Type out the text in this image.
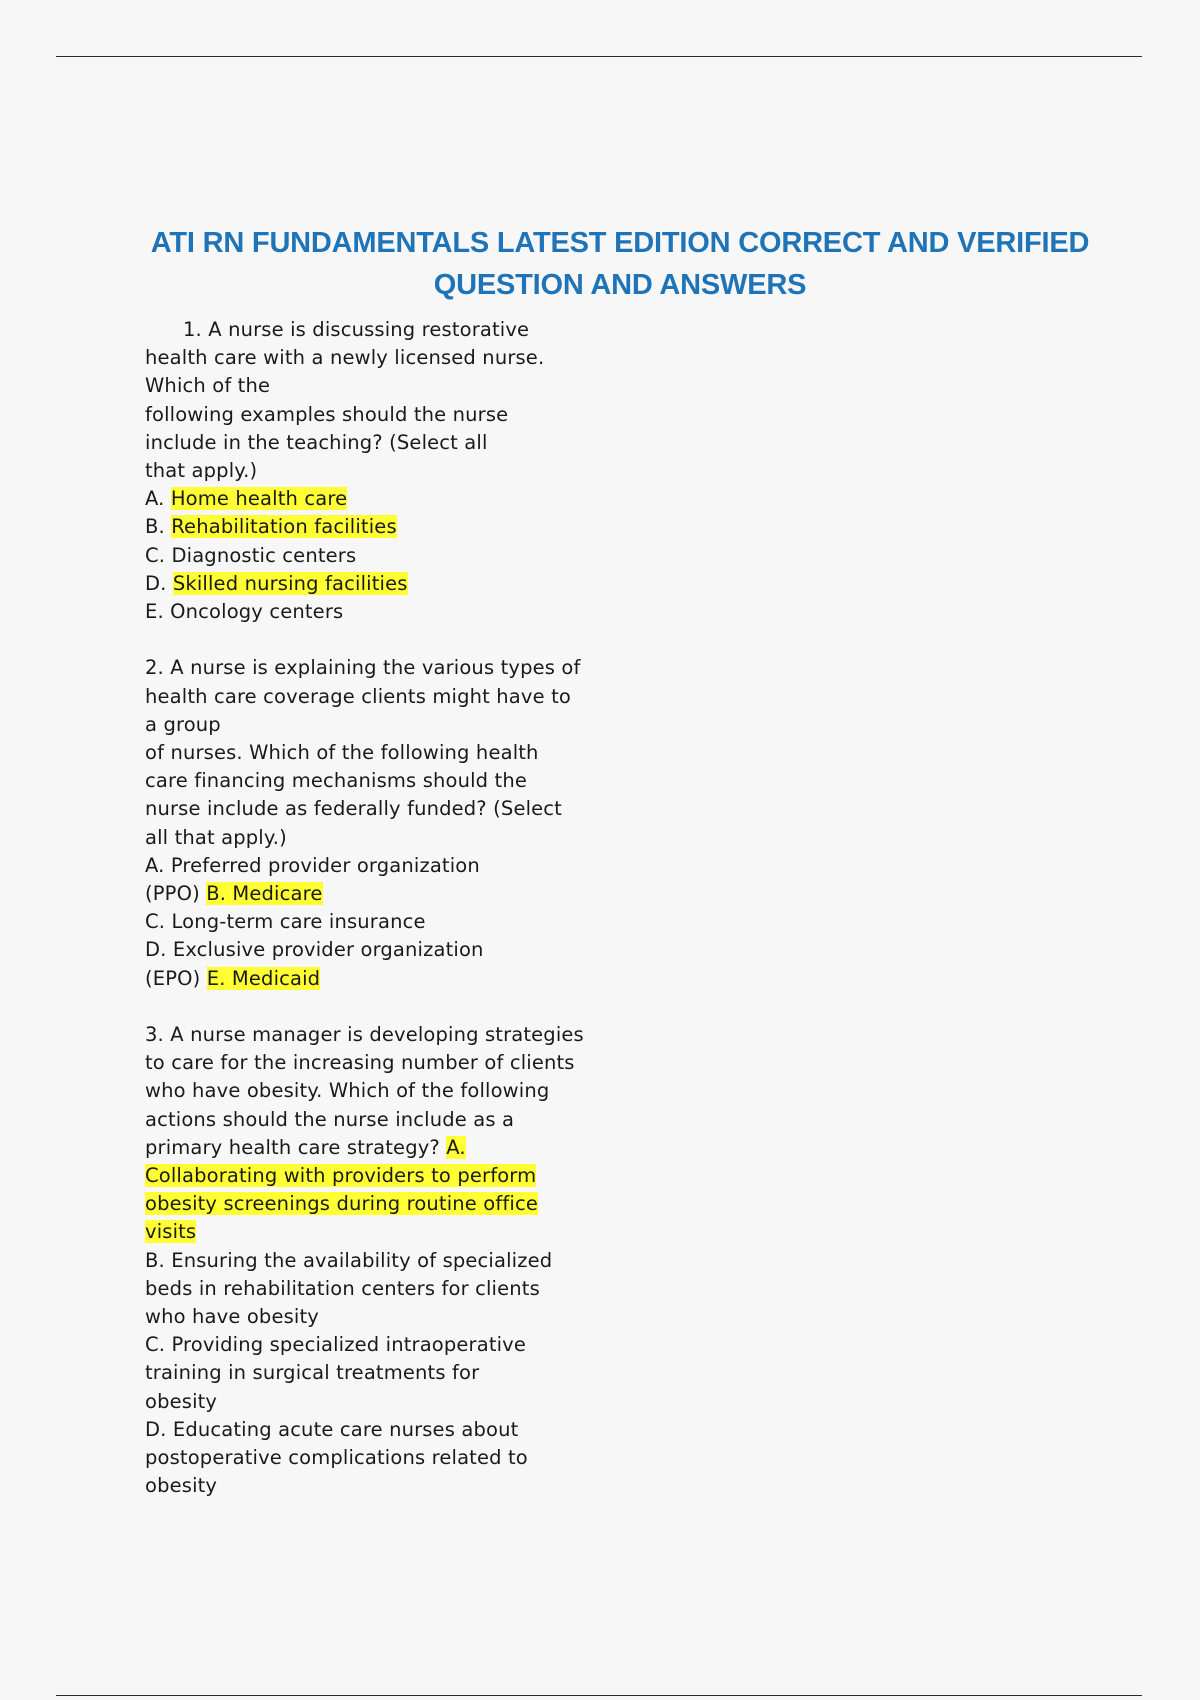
ATI RN FUNDAMENTALS LATEST EDITION CORRECT AND VERIFIED
QUESTION AND ANSWERS
1. A nurse is discussing restorative
health care with a newly licensed nurse.
Which of the
following examples should the nurse
include in the teaching? (Select all
that apply.)
A. Home health care
B. Rehabilitation facilities
C. Diagnostic centers
D. Skilled nursing facilities
E. Oncology centers
2. A nurse is explaining the various types of
health care coverage clients might have to
a group
of nurses. Which of the following health
care financing mechanisms should the
nurse include as federally funded? (Select
all that apply.)
A. Preferred provider organization
(PPO) B. Medicare
C. Long-term care insurance
D. Exclusive provider organization
(EPO) E. Medicaid
3. A nurse manager is developing strategies
to care for the increasing number of clients
who have obesity. Which of the following
actions should the nurse include as a
primary health care strategy? A.
Collaborating with providers to perform
obesity screenings during routine office
visits
B. Ensuring the availability of specialized
beds in rehabilitation centers for clients
who have obesity
C. Providing specialized intraoperative
training in surgical treatments for
obesity
D. Educating acute care nurses about
postoperative complications related to
obesity
